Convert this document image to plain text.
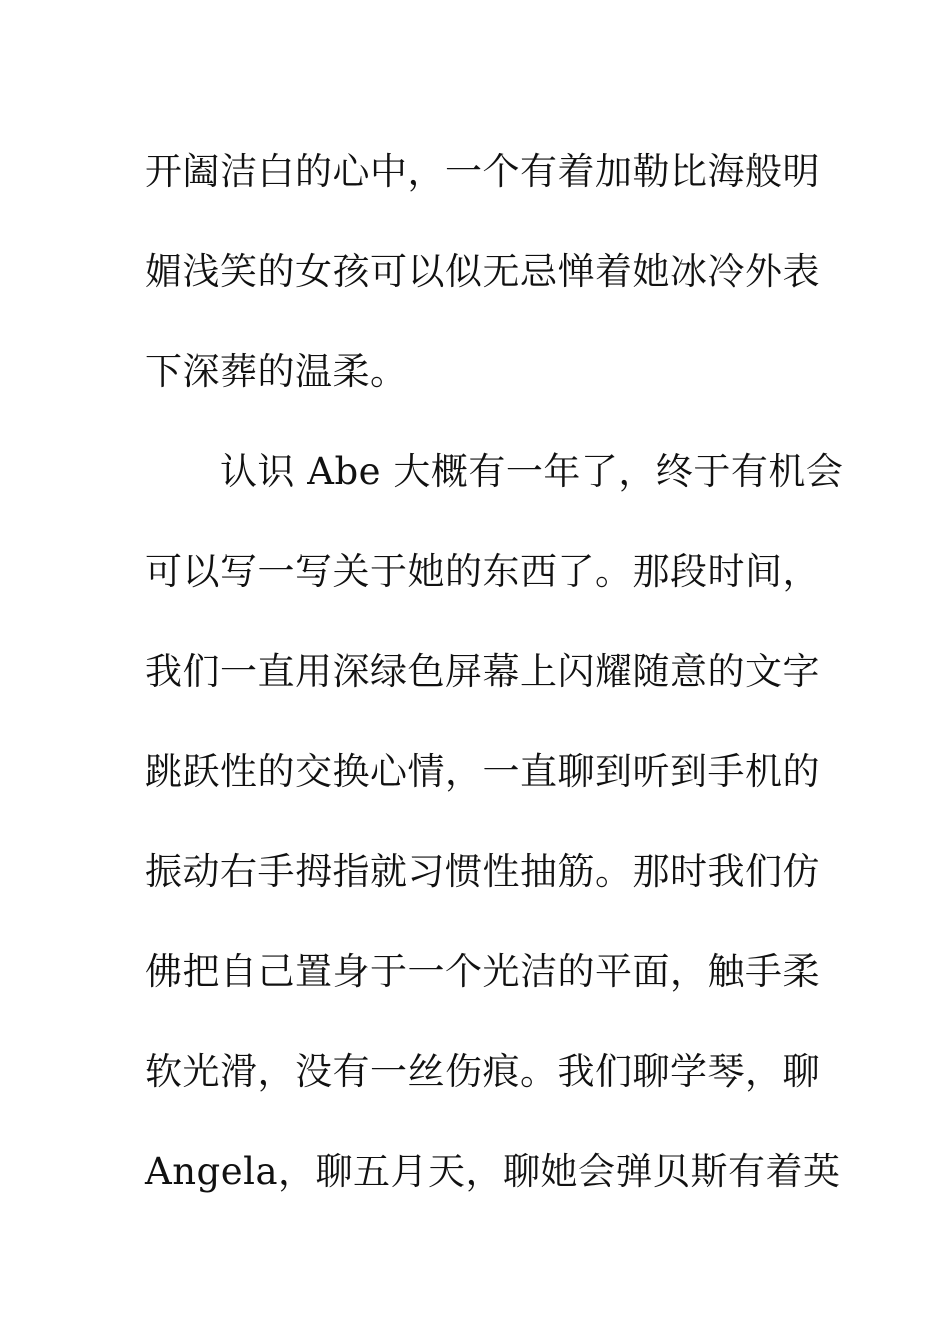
开阖洁白的心中，一个有着加勒比海般明
媚浅笑的女孩可以似无忌惮着她冰冷外表
下深葬的温柔。
　　认识 Abe 大概有一年了，终于有机会
可以写一写关于她的东西了。那段时间，
我们一直用深绿色屏幕上闪耀随意的文字
跳跃性的交换心情，一直聊到听到手机的
振动右手拇指就习惯性抽筋。那时我们仿
佛把自己置身于一个光洁的平面，触手柔
软光滑，没有一丝伤痕。我们聊学琴，聊
Angela，聊五月天，聊她会弹贝斯有着英
